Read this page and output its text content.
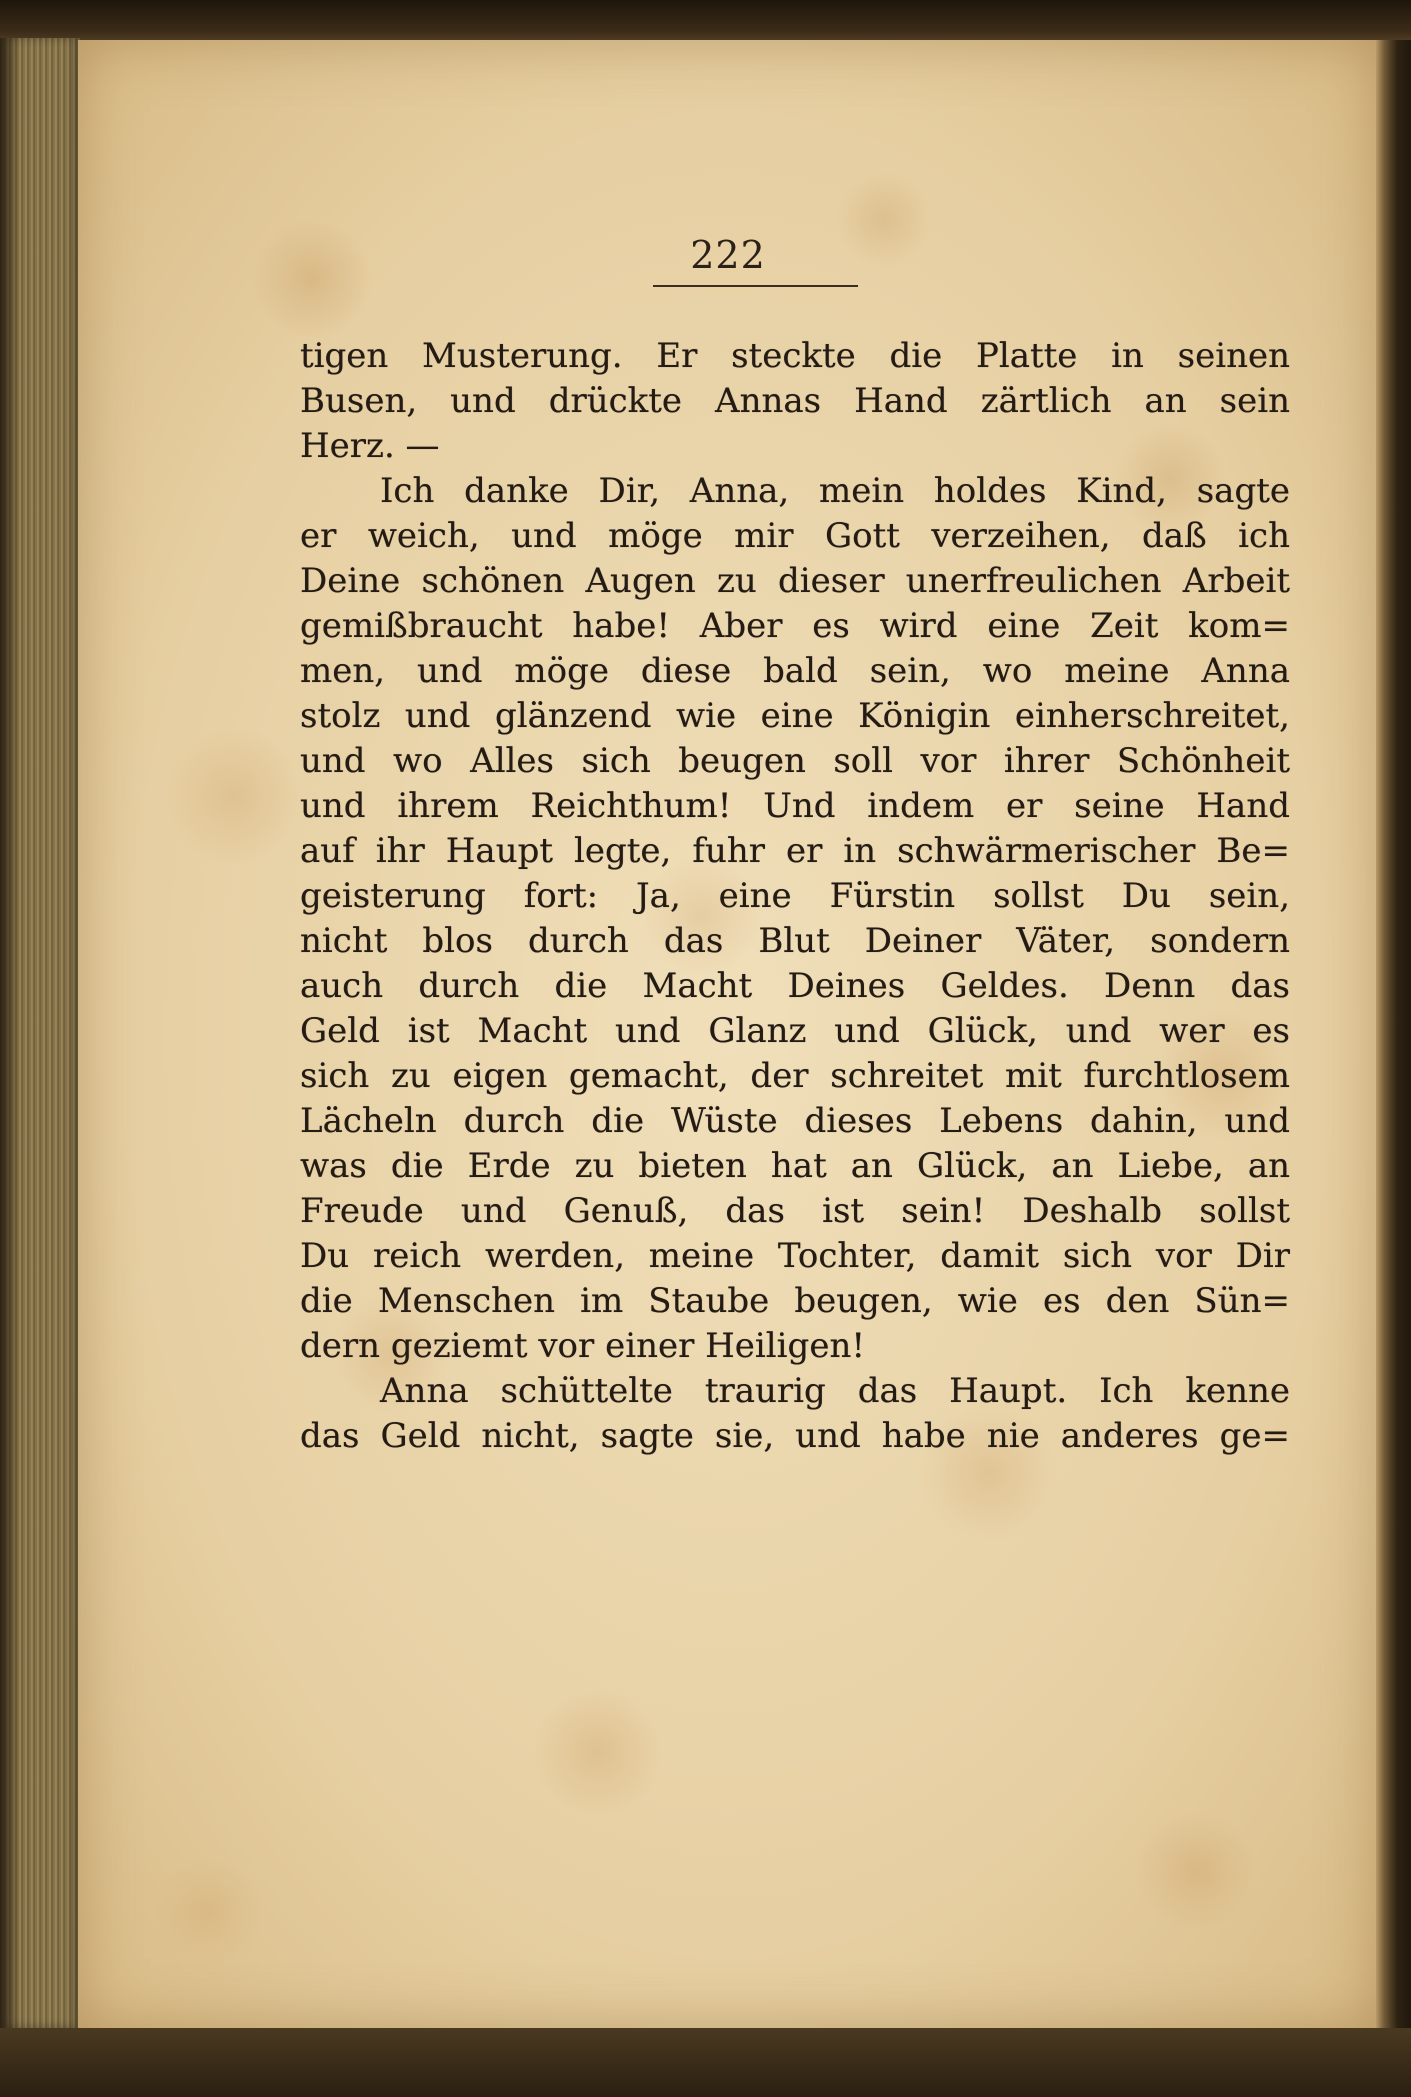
222
tigen Musterung. Er steckte die Platte in seinen
Busen, und drückte Annas Hand zärtlich an sein
Herz. —
Ich danke Dir, Anna, mein holdes Kind, sagte
er weich, und möge mir Gott verzeihen, daß ich
Deine schönen Augen zu dieser unerfreulichen Arbeit
gemißbraucht habe! Aber es wird eine Zeit kom=
men, und möge diese bald sein, wo meine Anna
stolz und glänzend wie eine Königin einherschreitet,
und wo Alles sich beugen soll vor ihrer Schönheit
und ihrem Reichthum! Und indem er seine Hand
auf ihr Haupt legte, fuhr er in schwärmerischer Be=
geisterung fort: Ja, eine Fürstin sollst Du sein,
nicht blos durch das Blut Deiner Väter, sondern
auch durch die Macht Deines Geldes. Denn das
Geld ist Macht und Glanz und Glück, und wer es
sich zu eigen gemacht, der schreitet mit furchtlosem
Lächeln durch die Wüste dieses Lebens dahin, und
was die Erde zu bieten hat an Glück, an Liebe, an
Freude und Genuß, das ist sein! Deshalb sollst
Du reich werden, meine Tochter, damit sich vor Dir
die Menschen im Staube beugen, wie es den Sün=
dern geziemt vor einer Heiligen!
Anna schüttelte traurig das Haupt. Ich kenne
das Geld nicht, sagte sie, und habe nie anderes ge=
